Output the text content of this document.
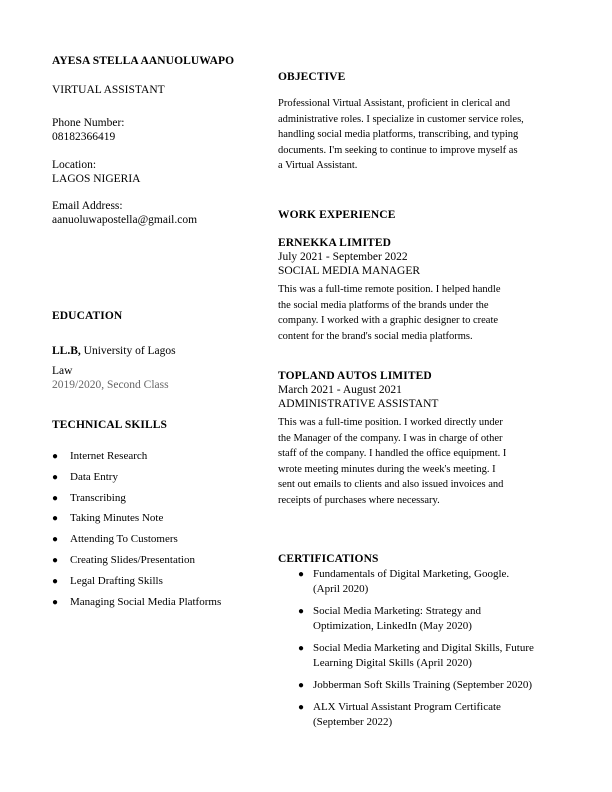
AYESA STELLA AANUOLUWAPO
VIRTUAL ASSISTANT
Phone Number:
08182366419
Location:
LAGOS NIGERIA
Email Address:
aanuoluwapostella@gmail.com
EDUCATION
LL.B, University of Lagos
Law
2019/2020, Second Class
TECHNICAL SKILLS
● Internet Research
● Data Entry
● Transcribing
● Taking Minutes Note
● Attending To Customers
● Creating Slides/Presentation
● Legal Drafting Skills
● Managing Social Media Platforms
OBJECTIVE
Professional Virtual Assistant, proficient in clerical and
administrative roles. I specialize in customer service roles,
handling social media platforms, transcribing, and typing
documents. I'm seeking to continue to improve myself as
a Virtual Assistant.
WORK EXPERIENCE
ERNEKKA LIMITED
July 2021 - September 2022
SOCIAL MEDIA MANAGER
This was a full-time remote position. I helped handle
the social media platforms of the brands under the
company. I worked with a graphic designer to create
content for the brand's social media platforms.
TOPLAND AUTOS LIMITED
March 2021 - August 2021
ADMINISTRATIVE ASSISTANT
This was a full-time position. I worked directly under
the Manager of the company. I was in charge of other
staff of the company. I handled the office equipment. I
wrote meeting minutes during the week's meeting. I
sent out emails to clients and also issued invoices and
receipts of purchases where necessary.
CERTIFICATIONS
● Fundamentals of Digital Marketing, Google.
(April 2020)
● Social Media Marketing: Strategy and
Optimization, LinkedIn (May 2020)
● Social Media Marketing and Digital Skills, Future
Learning Digital Skills (April 2020)
● Jobberman Soft Skills Training (September 2020)
● ALX Virtual Assistant Program Certificate
(September 2022)
